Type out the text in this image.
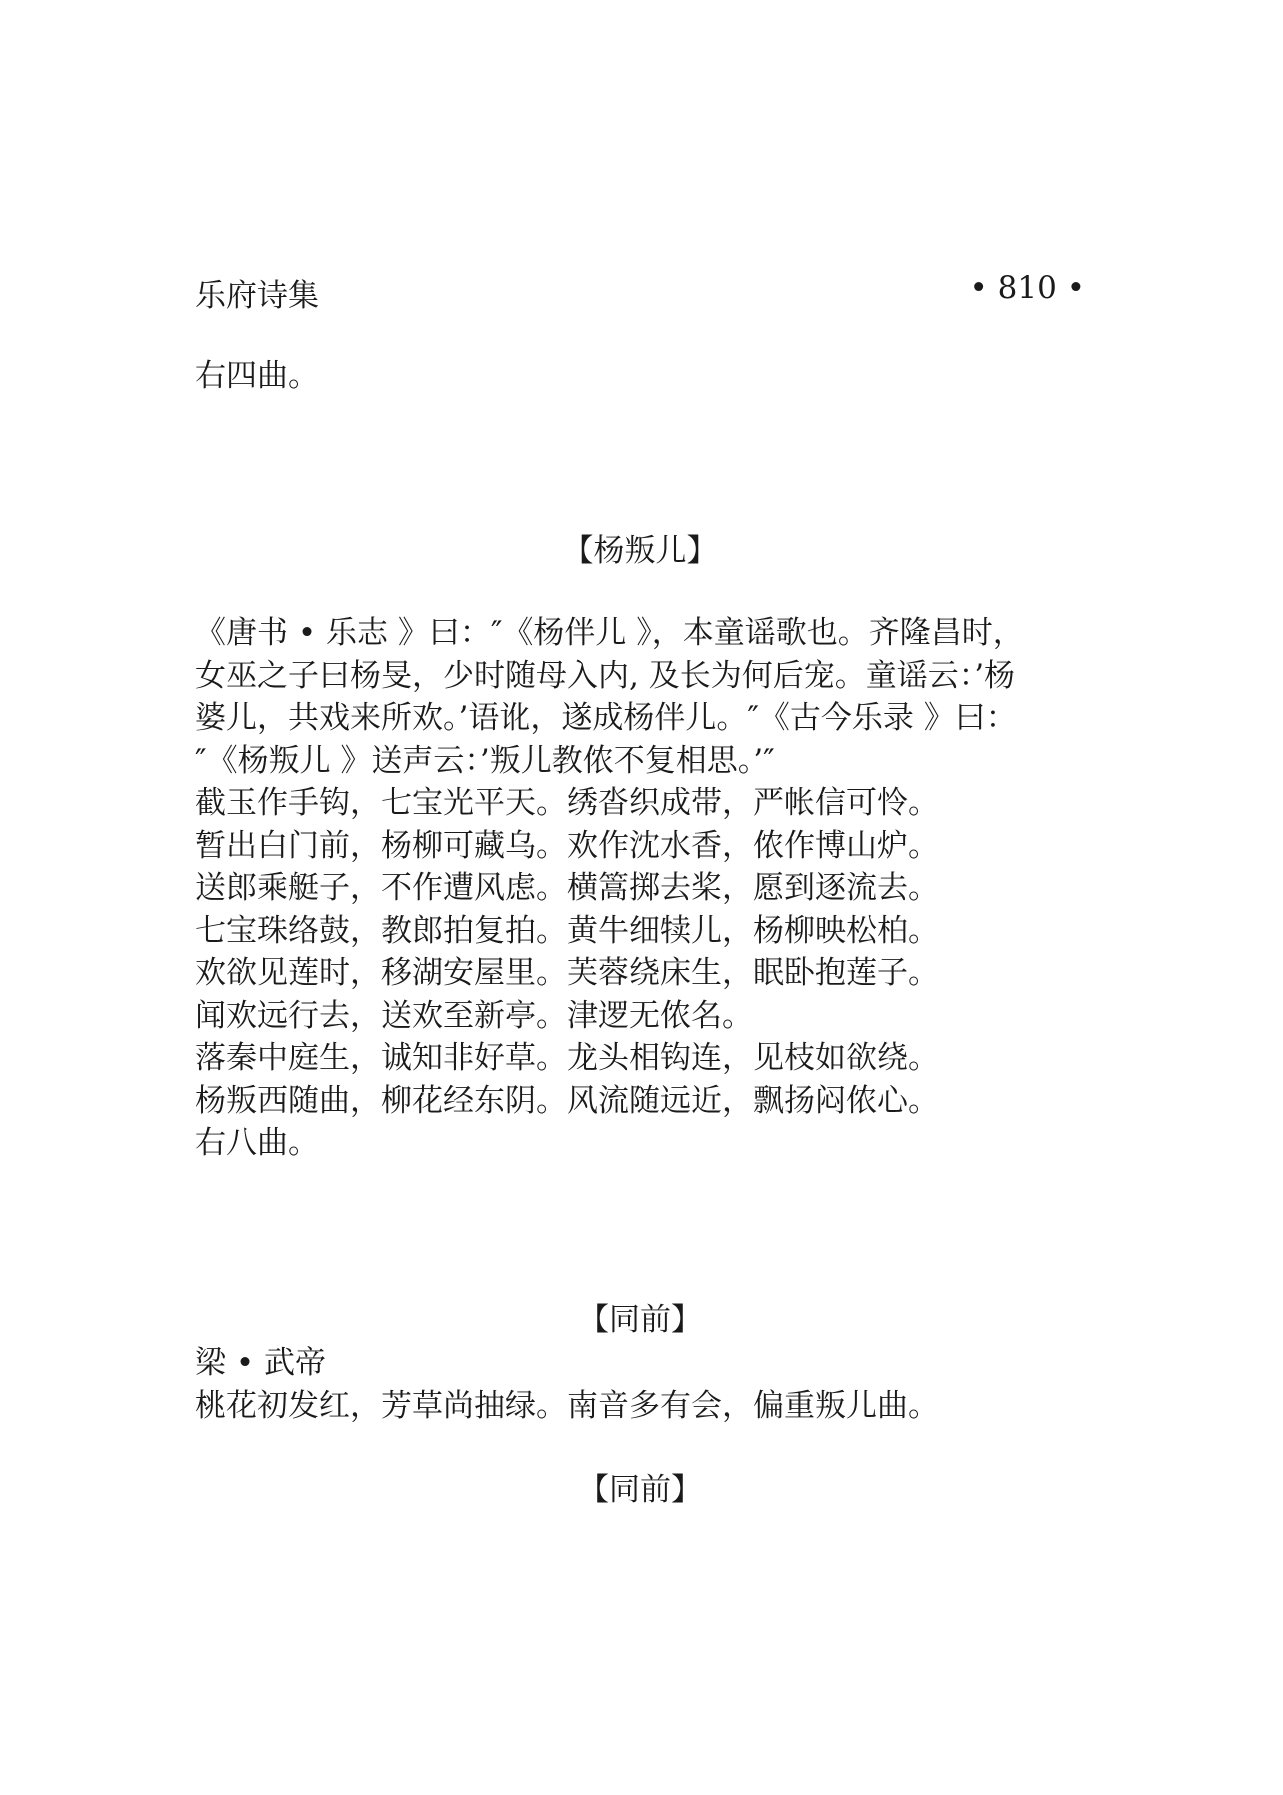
乐府诗集	• 810 •
右四曲。
【杨叛儿】
《唐书 • 乐志 》曰：″《杨伴儿 》，本童谣歌也。齐隆昌时，
女巫之子曰杨旻，少时随母入内, 及长为何后宠。童谣云：’杨
婆儿，共戏来所欢。’语讹，遂成杨伴儿。″《古今乐录 》曰：
″《杨叛儿 》送声云：’叛儿教侬不复相思。’″
截玉作手钩，七宝光平天。绣沓织成带，严帐信可怜。
暂出白门前，杨柳可藏乌。欢作沈水香，侬作博山炉。
送郎乘艇子，不作遭风虑。横篙掷去桨，愿到逐流去。
七宝珠络鼓，教郎拍复拍。黄牛细犊儿，杨柳映松柏。
欢欲见莲时，移湖安屋里。芙蓉绕床生，眠卧抱莲子。
闻欢远行去，送欢至新亭。津逻无侬名。
落秦中庭生，诚知非好草。龙头相钩连，见枝如欲绕。
杨叛西随曲，柳花经东阴。风流随远近，飘扬闷侬心。
右八曲。
【同前】
梁 • 武帝
桃花初发红，芳草尚抽绿。南音多有会，偏重叛儿曲。
【同前】
